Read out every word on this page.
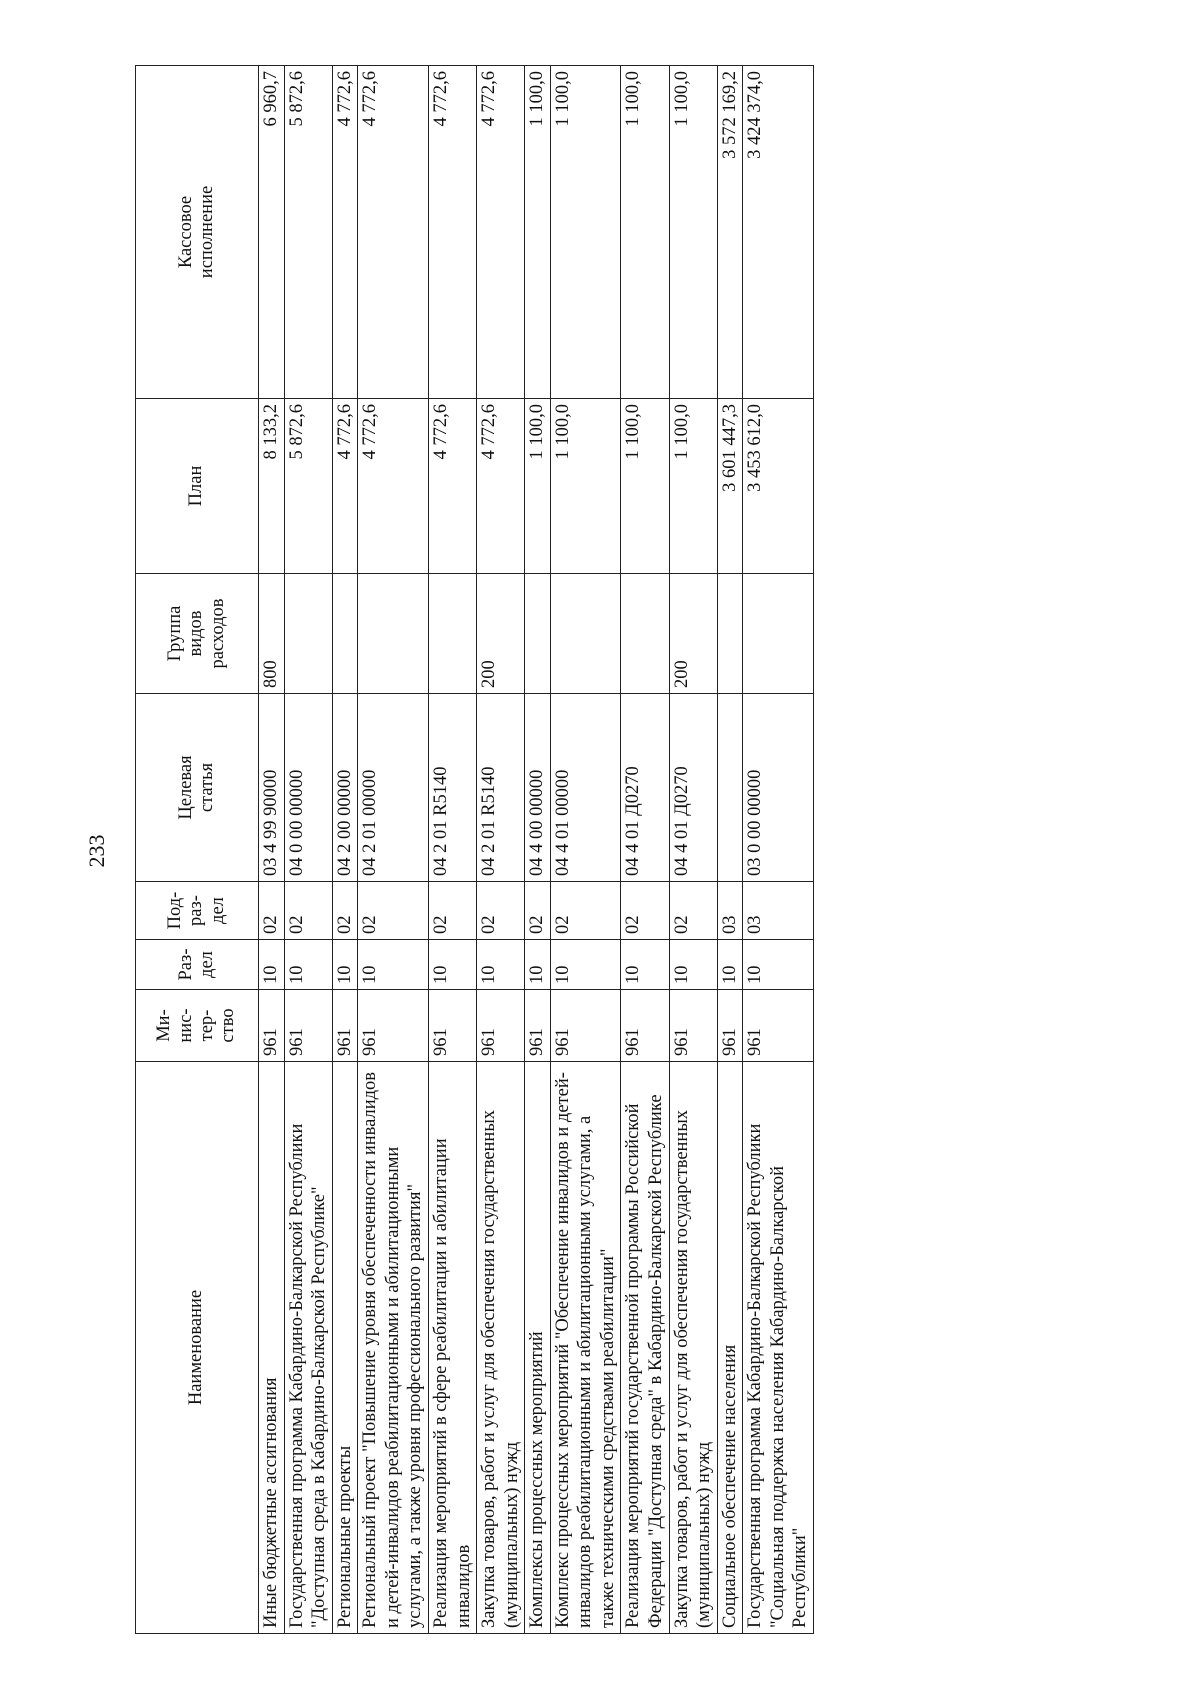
233
Наименование	Ми-
нис-
тер-
ство	Раз-
дел	Под-
раз-
дел	Целевая
статья	Группа
видов
расходов	План	Кассовое
исполнение
Иные бюджетные ассигнования	961	10	02	03 4 99 90000	800	8 133,2	6 960,7
Государственная программа Кабардино-Балкарской Республики "Доступная среда в Кабардино-Балкарской Республике"	961	10	02	04 0 00 00000		5 872,6	5 872,6
Региональные проекты	961	10	02	04 2 00 00000		4 772,6	4 772,6
Региональный проект "Повышение уровня обеспеченности инвалидов и детей-инвалидов реабилитационными и абилитационными услугами, а также уровня профессионального развития"	961	10	02	04 2 01 00000		4 772,6	4 772,6
Реализация мероприятий в сфере реабилитации и абилитации инвалидов	961	10	02	04 2 01 R5140		4 772,6	4 772,6
Закупка товаров, работ и услуг для обеспечения государственных (муниципальных) нужд	961	10	02	04 2 01 R5140	200	4 772,6	4 772,6
Комплексы процессных мероприятий	961	10	02	04 4 00 00000		1 100,0	1 100,0
Комплекс процессных мероприятий "Обеспечение инвалидов и детей-инвалидов реабилитационными и абилитационными услугами, а также техническими средствами реабилитации"	961	10	02	04 4 01 00000		1 100,0	1 100,0
Реализация мероприятий государственной программы Российской Федерации "Доступная среда" в Кабардино-Балкарской Республике	961	10	02	04 4 01 Д0270		1 100,0	1 100,0
Закупка товаров, работ и услуг для обеспечения государственных (муниципальных) нужд	961	10	02	04 4 01 Д0270	200	1 100,0	1 100,0
Социальное обеспечение населения	961	10	03			3 601 447,3	3 572 169,2
Государственная программа Кабардино-Балкарской Республики "Социальная поддержка населения Кабардино-Балкарской Республики"	961	10	03	03 0 00 00000		3 453 612,0	3 424 374,0
